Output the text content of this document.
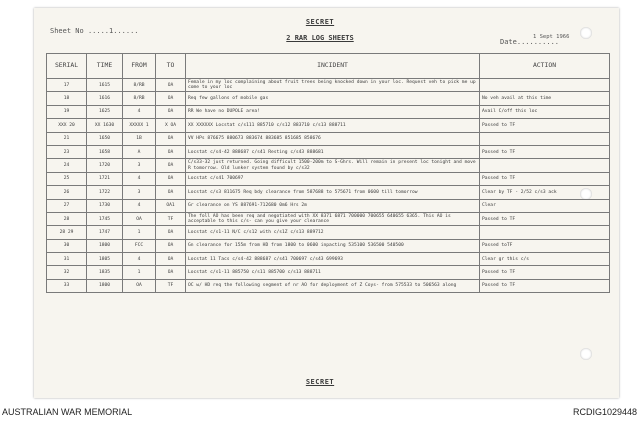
Sheet No .....1......
SECRET
2 RAR LOG SHEETS	Date..........
1 Sept 1966
SERIAL	TIME	FROM	TO	INCIDENT	ACTION
17	1615	8/RB	OA	Female in my loc complaining about fruit trees being knocked down in your loc. Request veh to pick me up come to your loc	
18	1616	8/RB	OA	Req few gallons of mobile gas	No veh avail at this time
19	1625	4	OA	RR We have no DUPOLE area!	Avail C/off this loc
XXX 20	XX 1630	XXXXX 1	X OA	XX XXXXXX Locstat c/s111 885710 c/s12 883710 c/s13 888711	Passed to TF
21	1650	1B	OA	VV HPs 876675 880673 883674 883685 851685 858676	
23	1658	A	OA	Locstat c/s4-42 888687 c/s41 Resting c/s43 888681	Passed to TF
24	1720	3	OA	C/s33-32 just returned. Going difficult 1500-200m to S-Ghrs. Will remain in present loc tonight and move R tomorrow. Old lunker system found by c/s32	
25	1721	4	OA	Locstat c/s41 700697	Passed to TF
26	1722	3	OA	Locstat c/s3 811675 Req bdy clearance from 587688 to 575671 from 0600 till tomorrow	Clear by TF - 2/52 c/s3 ack
27	1730	4	OA1	Gr clearance on YS 887691-712680 0m6 Hrs 2m	Clear
28	1745	OA	TF	The foll AO has been req and negotiated with XX 8371 6871 700000 700655 640655 6365. This AO is acceptable to this c/s- can you give your clearance	Passed to TF
28 29	1747	1	OA	Locstat c/s1-11 N/C c/s12 with c/s1Z c/s13 889712	
30	1800	FCC	OA	Gn clearance for 155m from HD from 1800 to 0600 inpacting 535100 536500 540500	Passed toTF
31	1805	4	OA	Locstat 11 Tacs c/s4-42 888687 c/s41 700697 c/s43 699693	Clear gr this c/s
32	1835	1	OA	Locstat c/s1-11 885750 c/s11 885700 c/s13 888711	Passed to TF
33	1800	OA	TF	OC w/ HD req the following segment of nr AO for deployment of Z Coys- from 575533 to 506563 along	Passed to TF
SECRET
AUSTRALIAN WAR MEMORIAL	RCDIG1029448
